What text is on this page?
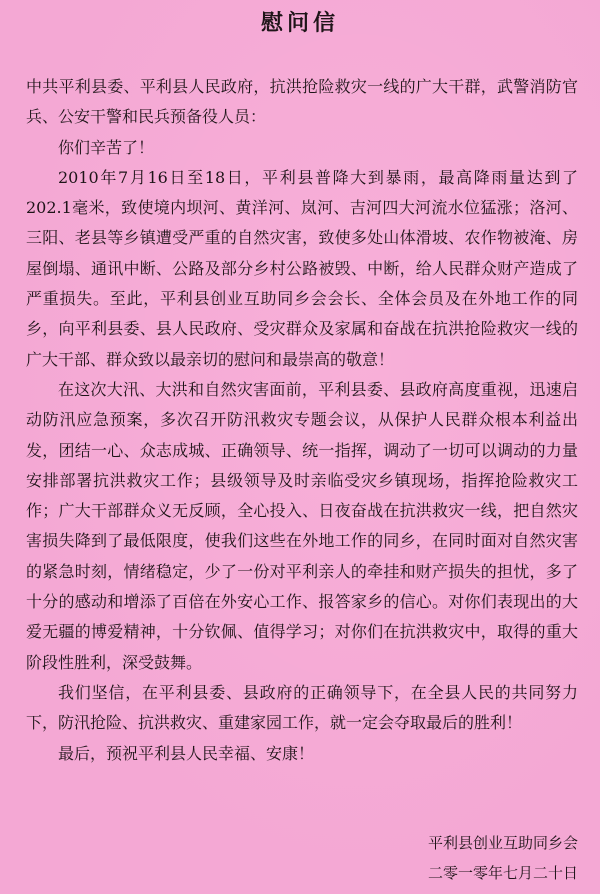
慰问信

中共平利县委、平利县人民政府，抗洪抢险救灾一线的广大干群，武警消防官兵、公安干警和民兵预备役人员：

你们辛苦了！

2010年7月16日至18日，平利县普降大到暴雨，最高降雨量达到了202.1毫米，致使境内坝河、黄洋河、岚河、吉河四大河流水位猛涨；洛河、三阳、老县等乡镇遭受严重的自然灾害，致使多处山体滑坡、农作物被淹、房屋倒塌、通讯中断、公路及部分乡村公路被毁、中断，给人民群众财产造成了严重损失。至此，平利县创业互助同乡会会长、全体会员及在外地工作的同乡，向平利县委、县人民政府、受灾群众及家属和奋战在抗洪抢险救灾一线的广大干部、群众致以最亲切的慰问和最崇高的敬意！

在这次大汛、大洪和自然灾害面前，平利县委、县政府高度重视，迅速启动防汛应急预案，多次召开防汛救灾专题会议，从保护人民群众根本利益出发，团结一心、众志成城、正确领导、统一指挥，调动了一切可以调动的力量安排部署抗洪救灾工作；县级领导及时亲临受灾乡镇现场，指挥抢险救灾工作；广大干部群众义无反顾，全心投入、日夜奋战在抗洪救灾一线，把自然灾害损失降到了最低限度，使我们这些在外地工作的同乡，在同时面对自然灾害的紧急时刻，情绪稳定，少了一份对平利亲人的牵挂和财产损失的担忧，多了十分的感动和增添了百倍在外安心工作、报答家乡的信心。对你们表现出的大爱无疆的博爱精神，十分钦佩、值得学习；对你们在抗洪救灾中，取得的重大阶段性胜利，深受鼓舞。

我们坚信，在平利县委、县政府的正确领导下，在全县人民的共同努力下，防汛抢险、抗洪救灾、重建家园工作，就一定会夺取最后的胜利！

最后，预祝平利县人民幸福、安康！

平利县创业互助同乡会
二零一零年七月二十日
